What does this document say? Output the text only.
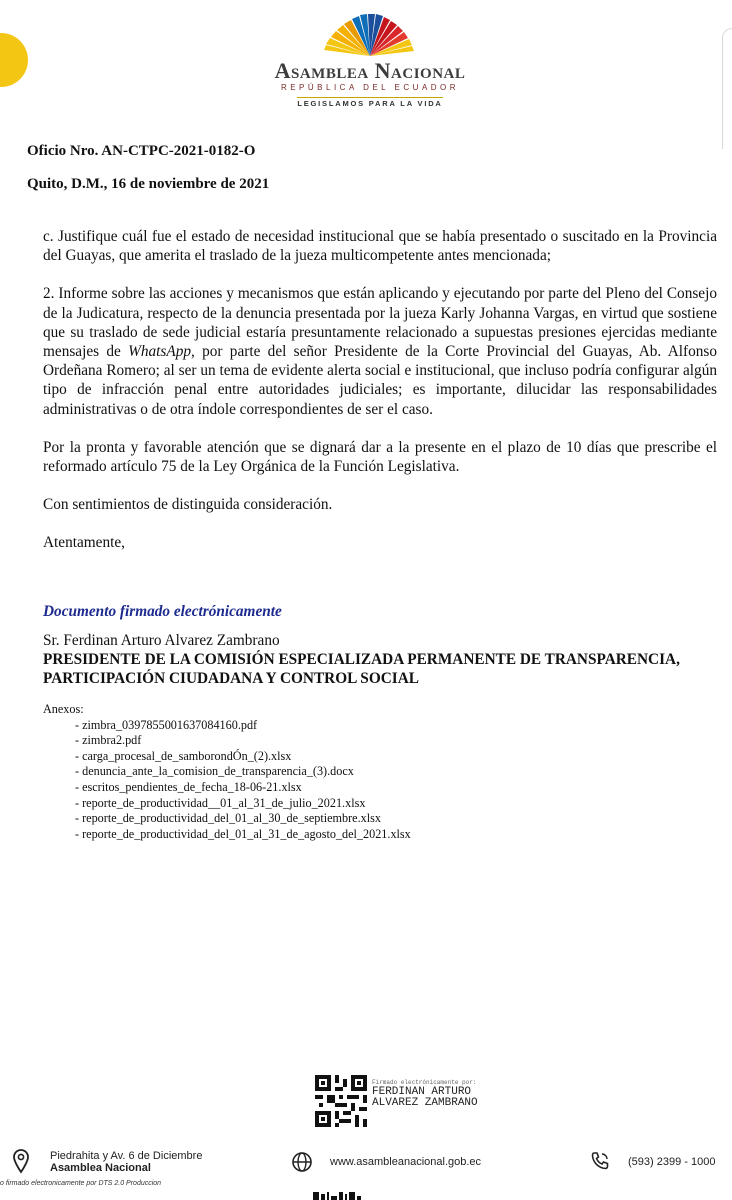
Asamblea Nacional
REPÚBLICA DEL ECUADOR
LEGISLAMOS PARA LA VIDA
Oficio Nro. AN-CTPC-2021-0182-O
Quito, D.M., 16 de noviembre de 2021

c. Justifique cuál fue el estado de necesidad institucional que se había presentado o suscitado en la Provincia del Guayas, que amerita el traslado de la jueza multicompetente antes mencionada;

2. Informe sobre las acciones y mecanismos que están aplicando y ejecutando por parte del Pleno del Consejo de la Judicatura, respecto de la denuncia presentada por la jueza Karly Johanna Vargas, en virtud que sostiene que su traslado de sede judicial estaría presuntamente relacionado a supuestas presiones ejercidas mediante mensajes de WhatsApp, por parte del señor Presidente de la Corte Provincial del Guayas, Ab. Alfonso Ordeñana Romero; al ser un tema de evidente alerta social e institucional, que incluso podría configurar algún tipo de infracción penal entre autoridades judiciales; es importante, dilucidar las responsabilidades administrativas o de otra índole correspondientes de ser el caso.

Por la pronta y favorable atención que se dignará dar a la presente en el plazo de 10 días que prescribe el reformado artículo 75 de la Ley Orgánica de la Función Legislativa.

Con sentimientos de distinguida consideración.

Atentamente,

Documento firmado electrónicamente
Sr. Ferdinan Arturo Alvarez Zambrano
PRESIDENTE DE LA COMISIÓN ESPECIALIZADA PERMANENTE DE TRANSPARENCIA, PARTICIPACIÓN CIUDADANA Y CONTROL SOCIAL
Anexos:
- zimbra_0397855001637084160.pdf
- zimbra2.pdf
- carga_procesal_de_samborondÓn_(2).xlsx
- denuncia_ante_la_comision_de_transparencia_(3).docx
- escritos_pendientes_de_fecha_18-06-21.xlsx
- reporte_de_productividad__01_al_31_de_julio_2021.xlsx
- reporte_de_productividad_del_01_al_30_de_septiembre.xlsx
- reporte_de_productividad_del_01_al_31_de_agosto_del_2021.xlsx
Firmado electrónicamente por:
FERDINAN ARTURO
ALVAREZ ZAMBRANO
Piedrahita y Av. 6 de Diciembre
Asamblea Nacional	www.asambleanacional.gob.ec	(593) 2399 - 1000
o firmado electronicamente por DTS 2.0 Produccion
